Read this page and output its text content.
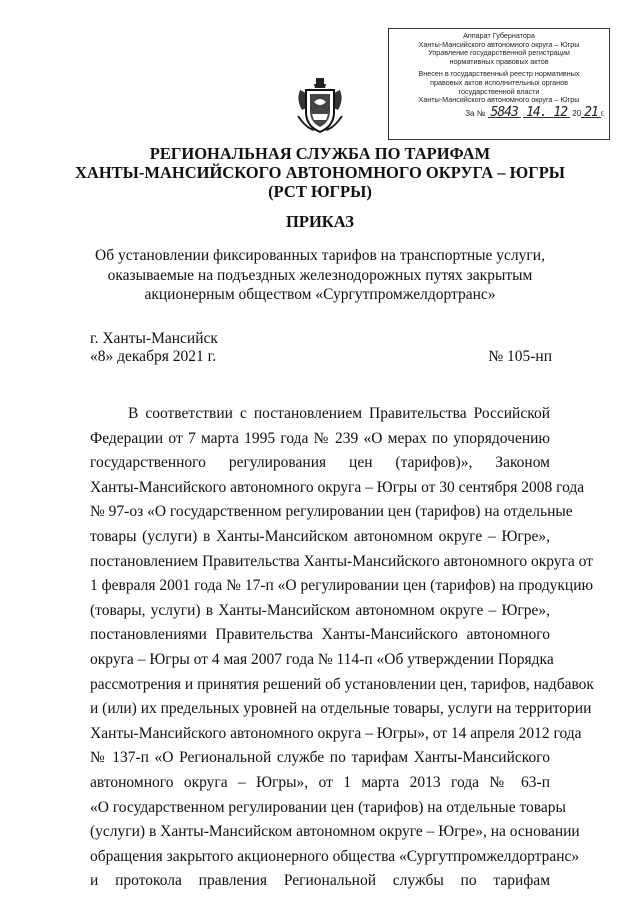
Аппарат Губернатора
Ханты-Мансийского автономного округа – Югры
Управление государственной регистрации
нормативных правовых актов
Внесен в государственный реестр нормативных
правовых актов исполнительных органов
государственной власти
Ханты-Мансийского автономного округа – Югры
За № 5843 14. 12 20 21 г.
РЕГИОНАЛЬНАЯ СЛУЖБА ПО ТАРИФАМ
ХАНТЫ-МАНСИЙСКОГО АВТОНОМНОГО ОКРУГА – ЮГРЫ
(РСТ ЮГРЫ)
ПРИКАЗ
Об установлении фиксированных тарифов на транспортные услуги,
оказываемые на подъездных железнодорожных путях закрытым
акционерным обществом «Сургутпромжелдортранс»
г. Ханты-Мансийск
«8» декабря 2021 г.	№ 105-нп
В соответствии с постановлением Правительства Российской
Федерации от 7 марта 1995 года № 239 «О мерах по упорядочению
государственного регулирования цен (тарифов)», Законом
Ханты-Мансийского автономного округа – Югры от 30 сентября 2008 года
№ 97-оз «О государственном регулировании цен (тарифов) на отдельные
товары (услуги) в Ханты-Мансийском автономном округе – Югре»,
постановлением Правительства Ханты-Мансийского автономного округа от
1 февраля 2001 года № 17-п «О регулировании цен (тарифов) на продукцию
(товары, услуги) в Ханты-Мансийском автономном округе – Югре»,
постановлениями Правительства Ханты-Мансийского автономного
округа – Югры от 4 мая 2007 года № 114-п «Об утверждении Порядка
рассмотрения и принятия решений об установлении цен, тарифов, надбавок
и (или) их предельных уровней на отдельные товары, услуги на территории
Ханты-Мансийского автономного округа – Югры», от 14 апреля 2012 года
№ 137-п «О Региональной службе по тарифам Ханты-Мансийского
автономного округа – Югры», от 1 марта 2013 года № 63-п
«О государственном регулировании цен (тарифов) на отдельные товары
(услуги) в Ханты-Мансийском автономном округе – Югре», на основании
обращения закрытого акционерного общества «Сургутпромжелдортранс»
и протокола правления Региональной службы по тарифам
